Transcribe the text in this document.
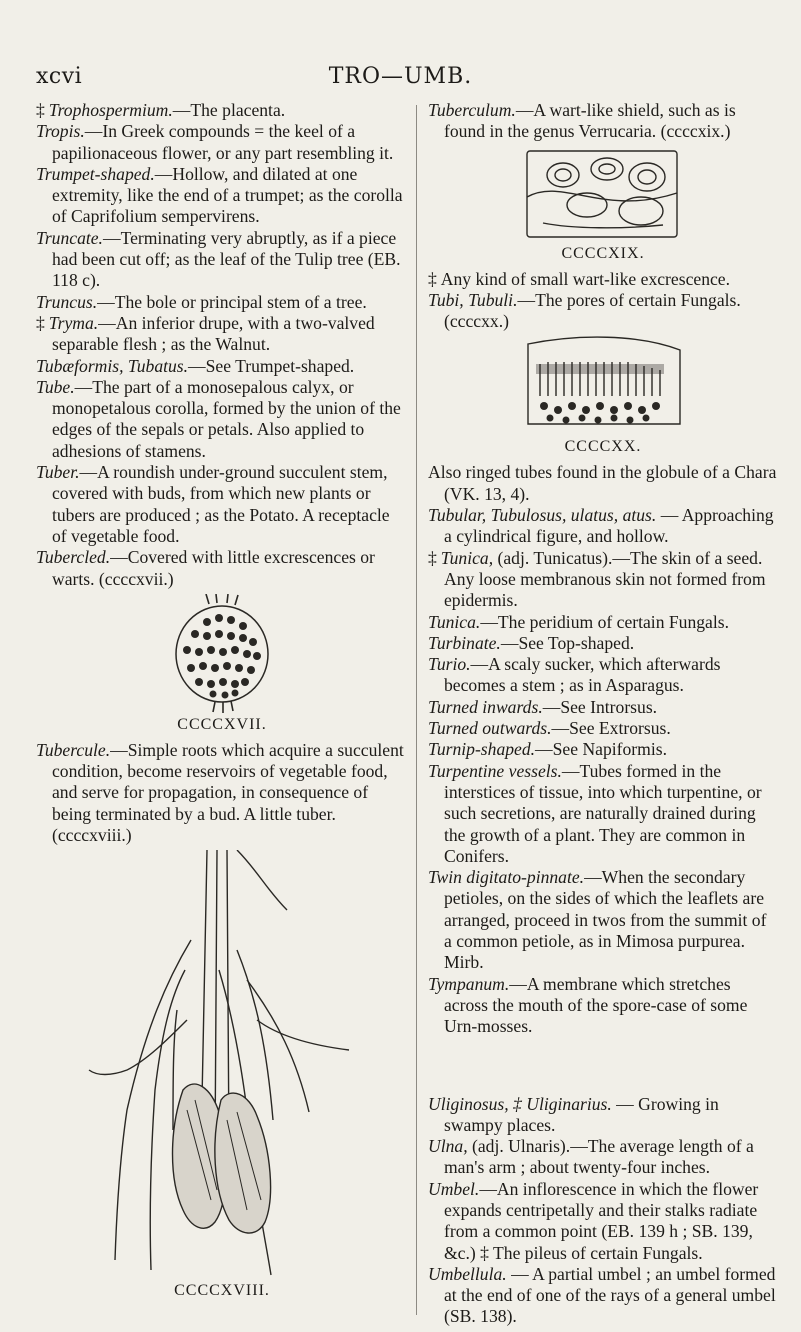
xcvi	TRO—UMB.

‡ Trophospermium.—The placenta.

Tropis.—In Greek compounds = the keel of a papilionaceous flower, or any part resembling it.

Trumpet-shaped.—Hollow, and dilated at one extremity, like the end of a trumpet; as the corolla of Caprifolium sempervirens.

Truncate.—Terminating very abruptly, as if a piece had been cut off; as the leaf of the Tulip tree (EB. 118 c).

Truncus.—The bole or principal stem of a tree.

‡ Tryma.—An inferior drupe, with a two-valved separable flesh ; as the Walnut.

Tubæformis, Tubatus.—See Trumpet-shaped.

Tube.—The part of a monosepalous calyx, or monopetalous corolla, formed by the union of the edges of the sepals or petals. Also applied to adhesions of stamens.

Tuber.—A roundish under-ground succulent stem, covered with buds, from which new plants or tubers are produced ; as the Potato. A receptacle of vegetable food.

Tubercled.—Covered with little excrescences or warts. (ccccxvii.)

CCCCXVII.

Tubercule.—Simple roots which acquire a succulent condition, become reservoirs of vegetable food, and serve for propagation, in consequence of being terminated by a bud. A little tuber. (ccccxviii.)

CCCCXVIII.

Tuberculum.—A wart-like shield, such as is found in the genus Verrucaria. (ccccxix.)

CCCCXIX.

‡ Any kind of small wart-like excrescence.

Tubi, Tubuli.—The pores of certain Fungals. (ccccxx.)

CCCCXX.

Also ringed tubes found in the globule of a Chara (VK. 13, 4).

Tubular, Tubulosus, ulatus, atus. — Approaching a cylindrical figure, and hollow.

‡ Tunica, (adj. Tunicatus).—The skin of a seed. Any loose membranous skin not formed from epidermis.

Tunica.—The peridium of certain Fungals.

Turbinate.—See Top-shaped.

Turio.—A scaly sucker, which afterwards becomes a stem ; as in Asparagus.

Turned inwards.—See Introrsus.

Turned outwards.—See Extrorsus.

Turnip-shaped.—See Napiformis.

Turpentine vessels.—Tubes formed in the interstices of tissue, into which turpentine, or such secretions, are naturally drained during the growth of a plant. They are common in Conifers.

Twin digitato-pinnate.—When the secondary petioles, on the sides of which the leaflets are arranged, proceed in twos from the summit of a common petiole, as in Mimosa purpurea. Mirb.

Tympanum.—A membrane which stretches across the mouth of the spore-case of some Urn-mosses.

Uliginosus, ‡ Uliginarius. — Growing in swampy places.

Ulna, (adj. Ulnaris).—The average length of a man's arm ; about twenty-four inches.

Umbel.—An inflorescence in which the flower expands centripetally and their stalks radiate from a common point (EB. 139 h ; SB. 139, &c.) ‡ The pileus of certain Fungals.

Umbellula. — A partial umbel ; an umbel formed at the end of one of the rays of a general umbel (SB. 138).
